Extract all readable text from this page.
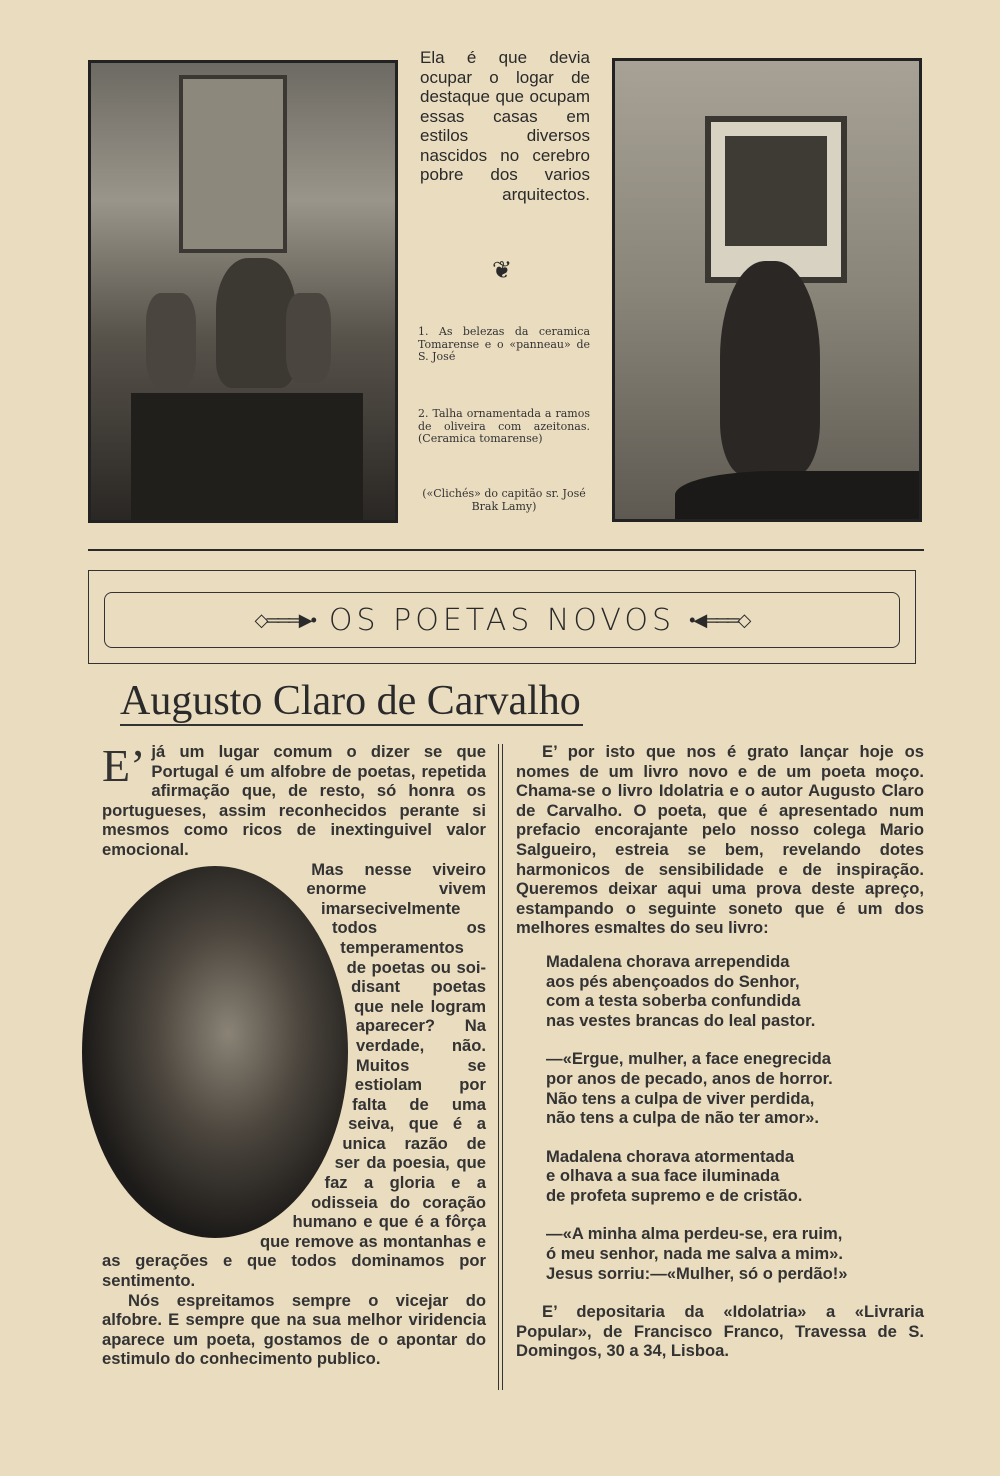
Ela é que devia ocupar o logar de destaque que ocupam essas casas em estilos diversos nascidos no cerebro pobre dos varios arquitectos.
❦
1. As belezas da ceramica Tomarense e o «panneau» de S. José
2. Talha ornamentada a ramos de oliveira com azeitonas. (Ceramica tomarense)
(«Clichés» do capitão sr. José Brak Lamy)
◇═══▶• OS POETAS NOVOS •◀═══◇
Augusto Claro de Carvalho

E’ já um lugar comum o dizer se que Portugal é um alfobre de poetas, repetida afirmação que, de resto, só honra os portugueses, assim reconhecidos perante si mesmos como ricos de inextinguivel valor emocional.

Mas nesse viveiro enorme vivem imarsecivelmente todos os temperamentos de poetas ou soi-disant poetas que nele logram aparecer? Na verdade, não. Muitos se estiolam por falta de uma seiva, que é a unica razão de ser da poesia, que faz a gloria e a odisseia do coração humano e que é a fôrça que remove as montanhas e as gerações e que todos dominamos por sentimento.

Nós espreitamos sempre o vicejar do alfobre. E sempre que na sua melhor viridencia aparece um poeta, gostamos de o apontar do estimulo do conhecimento publico.

E’ por isto que nos é grato lançar hoje os nomes de um livro novo e de um poeta moço. Chama-se o livro Idolatria e o autor Augusto Claro de Carvalho. O poeta, que é apresentado num prefacio encorajante pelo nosso colega Mario Salgueiro, estreia se bem, revelando dotes harmonicos de sensibilidade e de inspiração. Queremos deixar aqui uma prova deste apreço, estampando o seguinte soneto que é um dos melhores esmaltes do seu livro:

Madalena chorava arrependida
aos pés abençoados do Senhor,
com a testa soberba confundida
nas vestes brancas do leal pastor.
—«Ergue, mulher, a face enegrecida
por anos de pecado, anos de horror.
Não tens a culpa de viver perdida,
não tens a culpa de não ter amor».
Madalena chorava atormentada
e olhava a sua face iluminada
de profeta supremo e de cristão.
—«A minha alma perdeu-se, era ruim,
ó meu senhor, nada me salva a mim».
Jesus sorriu:—«Mulher, só o perdão!»

E’ depositaria da «Idolatria» a «Livraria Popular», de Francisco Franco, Travessa de S. Domingos, 30 a 34, Lisboa.
